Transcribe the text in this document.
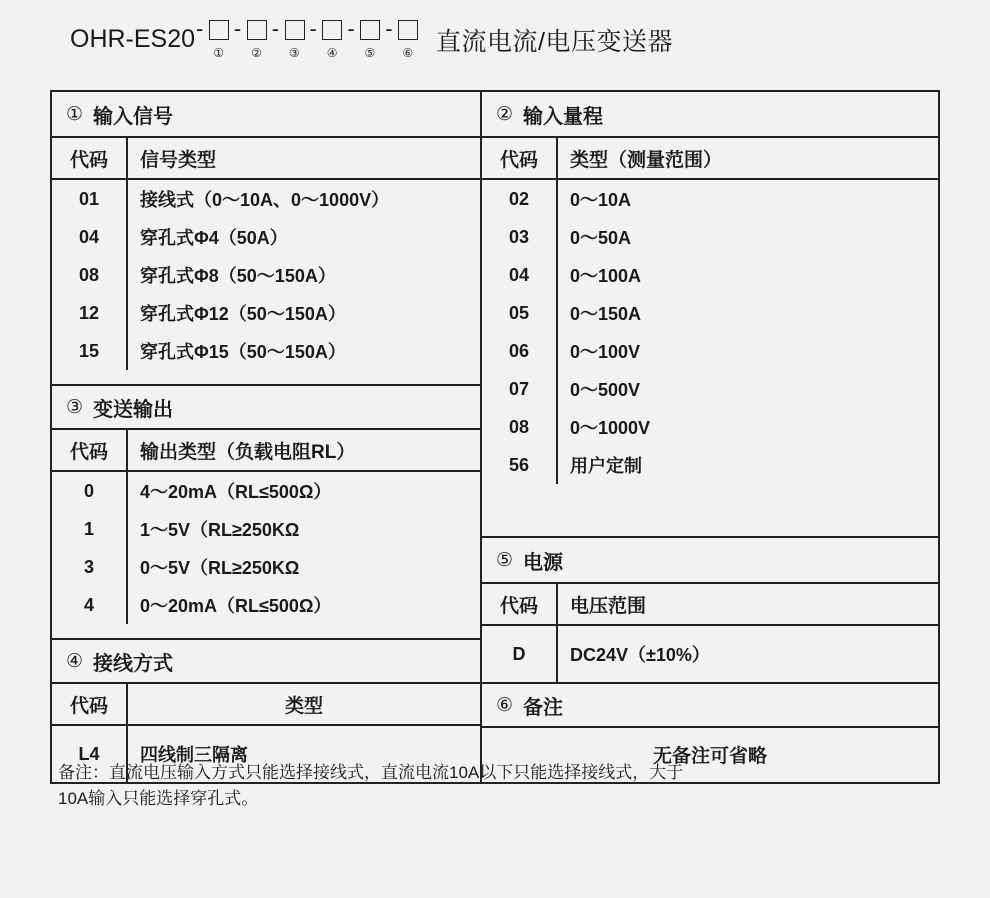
OHR-ES20 -
①
-
②
-
③
-
④
-
⑤
-
⑥ 直流电流/电压变送器
① 输入信号
代码	信号类型
01	接线式（0～10A、0～1000V）
04	穿孔式Φ4（50A）
08	穿孔式Φ8（50～150A）
12	穿孔式Φ12（50～150A）
15	穿孔式Φ15（50～150A）
③ 变送输出
代码	输出类型（负载电阻RL）
0	4～20mA（RL≤500Ω）
1	1～5V（RL≥250KΩ
3	0～5V（RL≥250KΩ
4	0～20mA（RL≤500Ω）
④ 接线方式
代码	类型
L4	四线制三隔离
② 输入量程
代码	类型（测量范围）
02	0～10A
03	0～50A
04	0～100A
05	0～150A
06	0～100V
07	0～500V
08	0～1000V
56	用户定制
⑤ 电源
代码	电压范围
D	DC24V（±10%）
⑥ 备注
无备注可省略

备注：直流电压输入方式只能选择接线式，直流电流10A以下只能选择接线式，大于

10A输入只能选择穿孔式。
